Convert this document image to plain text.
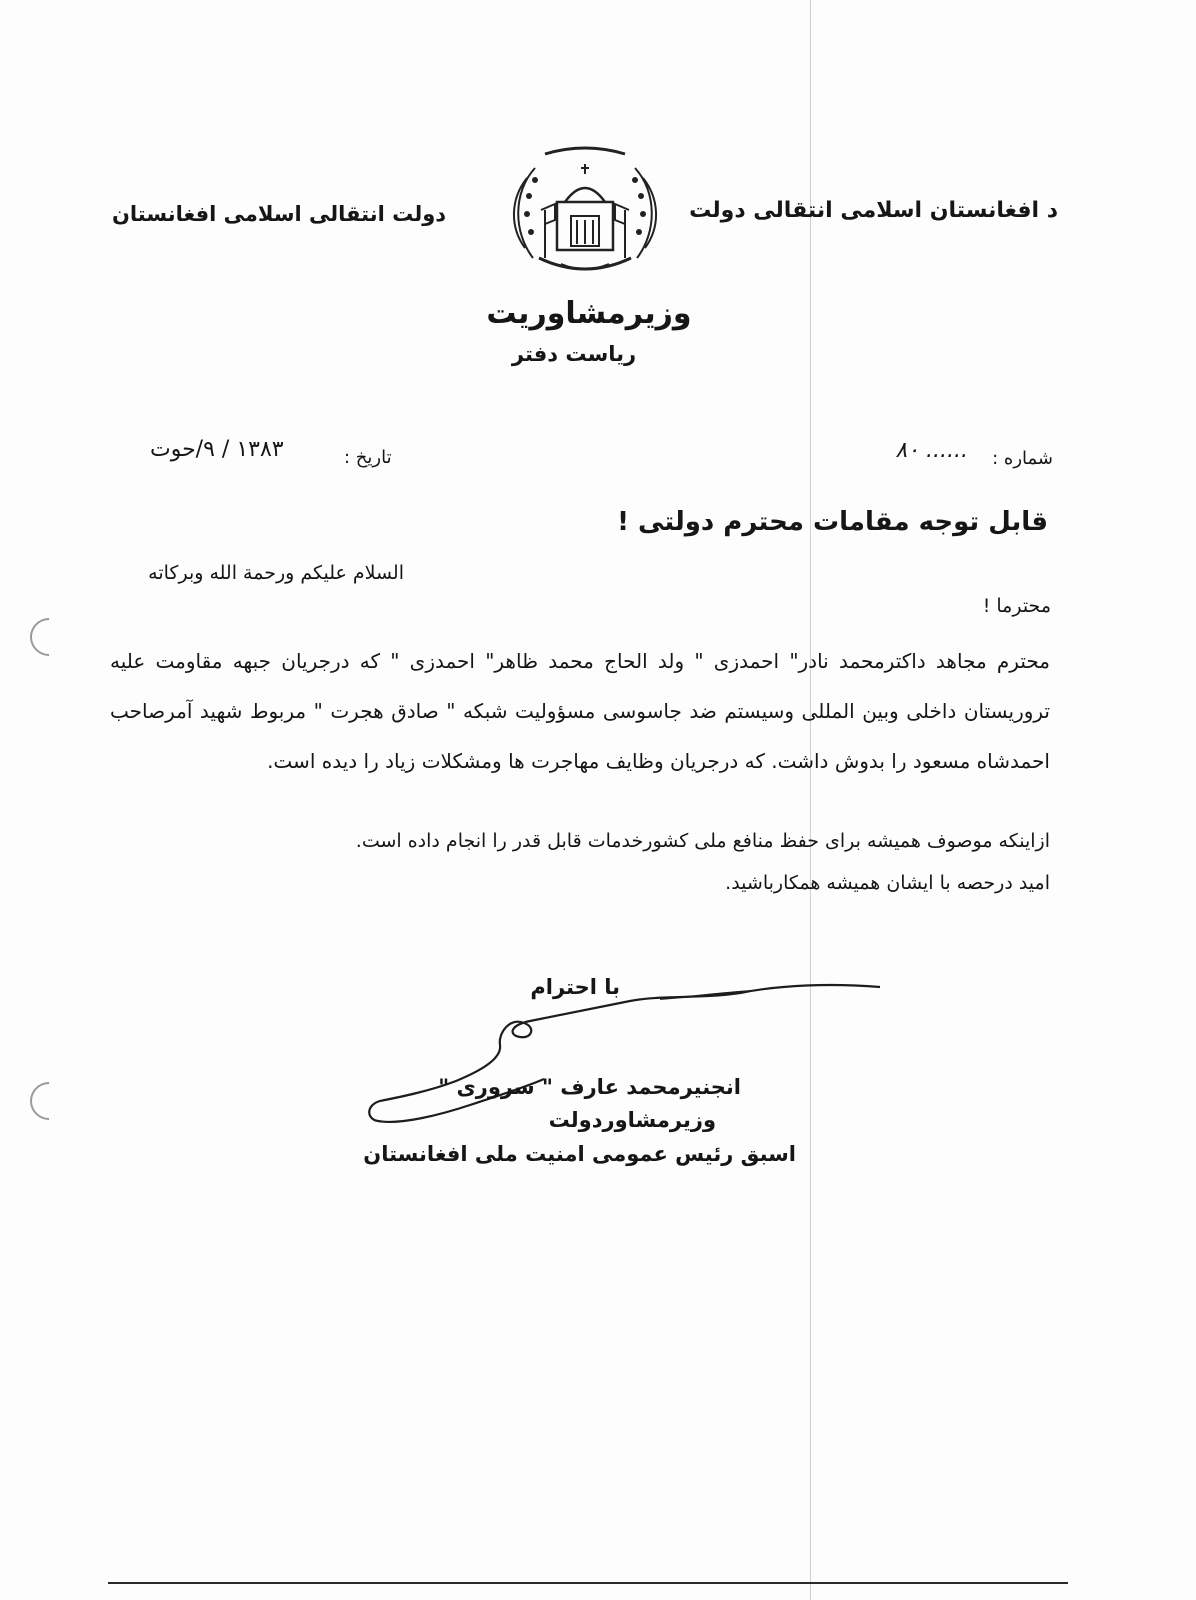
د افغانستان اسلامی انتقالی دولت
دولت انتقالی اسلامی افغانستان
وزیرمشاوریت
ریاست دفتر
شماره :
...... ۸۰
تاریخ :
۱۳۸۳ / ۹/حوت
قابل توجه مقامات محترم دولتی !
السلام علیکم ورحمة الله وبرکاته
محترما !
محترم مجاهد داکترمحمد نادر" احمدزی " ولد الحاج محمد ظاهر" احمدزی " که درجریان جبهه مقاومت علیه تروریستان داخلی وبین المللی وسیستم ضد جاسوسی مسؤولیت شبکه " صادق هجرت " مربوط شهید آمرصاحب احمدشاه مسعود را بدوش داشت. که درجریان وظایف مهاجرت ها ومشکلات زیاد را دیده است.
ازاینکه موصوف همیشه برای حفظ منافع ملی کشورخدمات قابل قدر را انجام داده است.
امید درحصه با ایشان همیشه همکارباشید.
با احترام
انجنیرمحمد عارف " سروری "
وزیرمشاوردولت
اسبق رئیس عمومی امنیت ملی افغانستان
